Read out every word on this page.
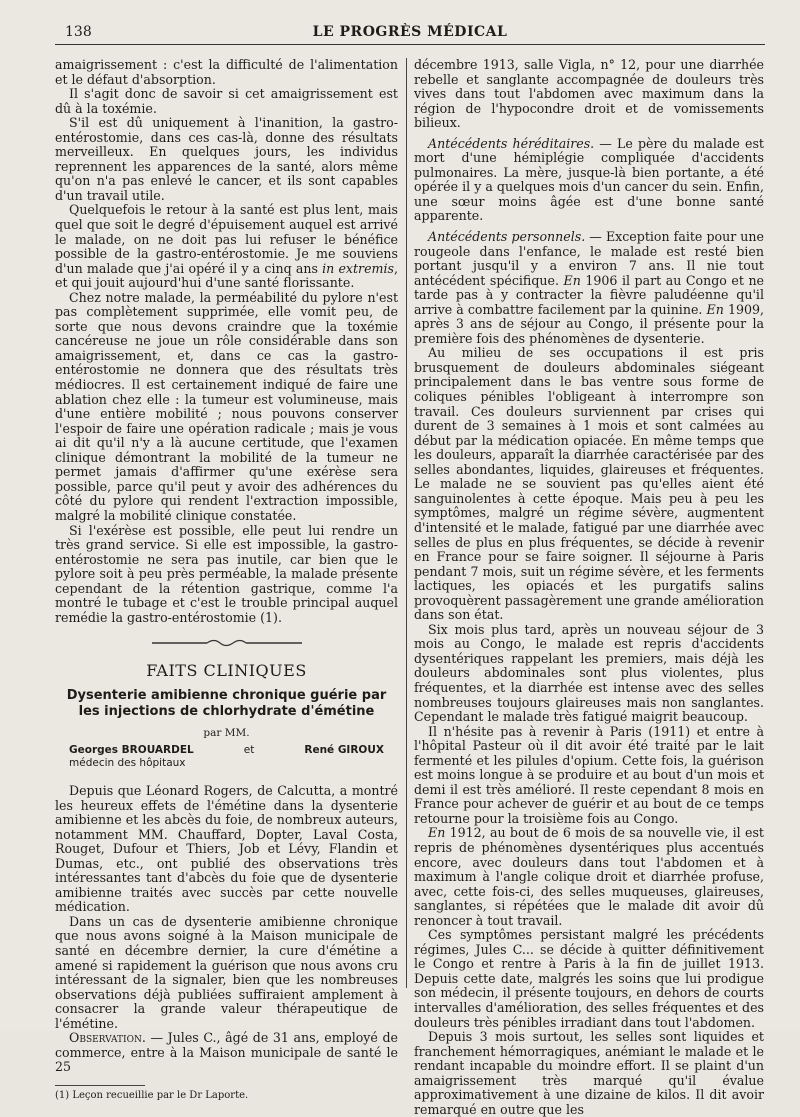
138	LE PROGRÈS MÉDICAL

amaigrissement : c'est la difficulté de l'alimentation et le défaut d'absorption.

Il s'agit donc de savoir si cet amaigrissement est dû à la toxémie.

S'il est dû uniquement à l'inanition, la gastro-entérostomie, dans ces cas-là, donne des résultats merveilleux. En quelques jours, les individus reprennent les apparences de la santé, alors même qu'on n'a pas enlevé le cancer, et ils sont capables d'un travail utile.

Quelquefois le retour à la santé est plus lent, mais quel que soit le degré d'épuisement auquel est arrivé le malade, on ne doit pas lui refuser le bénéfice possible de la gastro-entérostomie. Je me souviens d'un malade que j'ai opéré il y a cinq ans in extremis, et qui jouit aujourd'hui d'une santé florissante.

Chez notre malade, la perméabilité du pylore n'est pas complètement supprimée, elle vomit peu, de sorte que nous devons craindre que la toxémie cancéreuse ne joue un rôle considérable dans son amaigrissement, et, dans ce cas la gastro-entérostomie ne donnera que des résultats très médiocres. Il est certainement indiqué de faire une ablation chez elle : la tumeur est volumineuse, mais d'une entière mobilité ; nous pouvons conserver l'espoir de faire une opération radicale ; mais je vous ai dit qu'il n'y a là aucune certitude, que l'examen clinique démontrant la mobilité de la tumeur ne permet jamais d'affirmer qu'une exérèse sera possible, parce qu'il peut y avoir des adhérences du côté du pylore qui rendent l'extraction impossible, malgré la mobilité clinique constatée.

Si l'exérèse est possible, elle peut lui rendre un très grand service. Si elle est impossible, la gastro-entérostomie ne sera pas inutile, car bien que le pylore soit à peu près perméable, la malade présente cependant de la rétention gastrique, comme l'a montré le tubage et c'est le trouble principal auquel remédie la gastro-entérostomie (1).

FAITS CLINIQUES
Dysenterie amibienne chronique guérie par les injections de chlorhydrate d'émétine
par MM.
Georges BROUARDEL
médecin des hôpitaux
et	René GIROUX

Depuis que Léonard Rogers, de Calcutta, a montré les heureux effets de l'émétine dans la dysenterie amibienne et les abcès du foie, de nombreux auteurs, notamment MM. Chauffard, Dopter, Laval Costa, Rouget, Dufour et Thiers, Job et Lévy, Flandin et Dumas, etc., ont publié des observations très intéressantes tant d'abcès du foie que de dysenterie amibienne traités avec succès par cette nouvelle médication.

Dans un cas de dysenterie amibienne chronique que nous avons soigné à la Maison municipale de santé en décembre dernier, la cure d'émétine a amené si rapidement la guérison que nous avons cru intéressant de la signaler, bien que les nombreuses observations déjà publiées suffiraient amplement à consacrer la grande valeur thérapeutique de l'émétine.

Observation. — Jules C., âgé de 31 ans, employé de commerce, entre à la Maison municipale de santé le 25

(1) Leçon recueillie par le Dr Laporte.

décembre 1913, salle Vigla, n° 12, pour une diarrhée rebelle et sanglante accompagnée de douleurs très vives dans tout l'abdomen avec maximum dans la région de l'hypocondre droit et de vomissements bilieux.

Antécédents héréditaires. — Le père du malade est mort d'une hémiplégie compliquée d'accidents pulmonaires. La mère, jusque-là bien portante, a été opérée il y a quelques mois d'un cancer du sein. Enfin, une sœur moins âgée est d'une bonne santé apparente.

Antécédents personnels. — Exception faite pour une rougeole dans l'enfance, le malade est resté bien portant jusqu'il y a environ 7 ans. Il nie tout antécédent spécifique. En 1906 il part au Congo et ne tarde pas à y contracter la fièvre paludéenne qu'il arrive à combattre facilement par la quinine. En 1909, après 3 ans de séjour au Congo, il présente pour la première fois des phénomènes de dysenterie.

Au milieu de ses occupations il est pris brusquement de douleurs abdominales siégeant principalement dans le bas ventre sous forme de coliques pénibles l'obligeant à interrompre son travail. Ces douleurs surviennent par crises qui durent de 3 semaines à 1 mois et sont calmées au début par la médication opiacée. En même temps que les douleurs, apparaît la diarrhée caractérisée par des selles abondantes, liquides, glaireuses et fréquentes. Le malade ne se souvient pas qu'elles aient été sanguinolentes à cette époque. Mais peu à peu les symptômes, malgré un régime sévère, augmentent d'intensité et le malade, fatigué par une diarrhée avec selles de plus en plus fréquentes, se décide à revenir en France pour se faire soigner. Il séjourne à Paris pendant 7 mois, suit un régime sévère, et les ferments lactiques, les opiacés et les purgatifs salins provoquèrent passagèrement une grande amélioration dans son état.

Six mois plus tard, après un nouveau séjour de 3 mois au Congo, le malade est repris d'accidents dysentériques rappelant les premiers, mais déjà les douleurs abdominales sont plus violentes, plus fréquentes, et la diarrhée est intense avec des selles nombreuses toujours glaireuses mais non sanglantes. Cependant le malade très fatigué maigrit beaucoup.

Il n'hésite pas à revenir à Paris (1911) et entre à l'hôpital Pasteur où il dit avoir été traité par le lait fermenté et les pilules d'opium. Cette fois, la guérison est moins longue à se produire et au bout d'un mois et demi il est très amélioré. Il reste cependant 8 mois en France pour achever de guérir et au bout de ce temps retourne pour la troisième fois au Congo.

En 1912, au bout de 6 mois de sa nouvelle vie, il est repris de phénomènes dysentériques plus accentués encore, avec douleurs dans tout l'abdomen et à maximum à l'angle colique droit et diarrhée profuse, avec, cette fois-ci, des selles muqueuses, glaireuses, sanglantes, si répétées que le malade dit avoir dû renoncer à tout travail.

Ces symptômes persistant malgré les précédents régimes, Jules C... se décide à quitter définitivement le Congo et rentre à Paris à la fin de juillet 1913. Depuis cette date, malgrés les soins que lui prodigue son médecin, il présente toujours, en dehors de courts intervalles d'amélioration, des selles fréquentes et des douleurs très pénibles irradiant dans tout l'abdomen.

Depuis 3 mois surtout, les selles sont liquides et franchement hémorragiques, anémiant le malade et le rendant incapable du moindre effort. Il se plaint d'un amaigrissement très marqué qu'il évalue approximativement à une dizaine de kilos. Il dit avoir remarqué en outre que les
